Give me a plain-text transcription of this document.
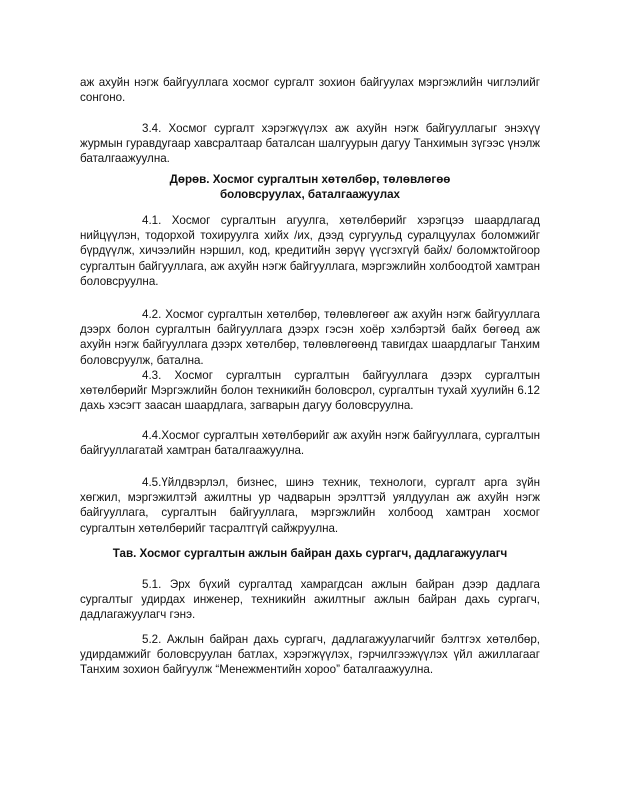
аж ахуйн нэгж байгууллага хосмог сургалт зохион байгуулах мэргэжлийн чиглэлийг сонгоно.

3.4. Хосмог сургалт хэрэгжүүлэх аж ахуйн нэгж байгууллагыг энэхүү журмын гуравдугаар хавсралтаар баталсан шалгуурын дагуу Танхимын зүгээс үнэлж баталгаажуулна.

Дөрөв. Хосмог сургалтын хөтөлбөр, төлөвлөгөө
боловсруулах, баталгаажуулах

4.1. Хосмог сургалтын агуулга, хөтөлбөрийг хэрэгцээ шаардлагад нийцүүлэн, тодорхой тохируулга хийх /их, дээд сургуульд суралцуулах боломжийг бүрдүүлж, хичээлийн нэршил, код, кредитийн зөрүү үүсгэхгүй байх/ боломжтойгоор сургалтын байгууллага, аж ахуйн нэгж байгууллага, мэргэжлийн холбоодтой хамтран боловсруулна.

4.2. Хосмог сургалтын хөтөлбөр, төлөвлөгөөг аж ахуйн нэгж байгууллага дээрх болон сургалтын байгууллага дээрх гэсэн хоёр хэлбэртэй байх бөгөөд аж ахуйн нэгж байгууллага дээрх хөтөлбөр, төлөвлөгөөнд тавигдах шаардлагыг Танхим боловсруулж, батална.

4.3. Хосмог сургалтын сургалтын байгууллага дээрх сургалтын хөтөлбөрийг Мэргэжлийн болон техникийн боловсрол, сургалтын тухай хуулийн 6.12 дахь хэсэгт заасан шаардлага, загварын дагуу боловсруулна.

4.4.Хосмог сургалтын хөтөлбөрийг аж ахуйн нэгж байгууллага, сургалтын байгууллагатай хамтран баталгаажуулна.

4.5.Үйлдвэрлэл, бизнес, шинэ техник, технологи, сургалт арга зүйн хөгжил, мэргэжилтэй ажилтны ур чадварын эрэлттэй уялдуулан аж ахуйн нэгж байгууллага, сургалтын байгууллага, мэргэжлийн холбоод хамтран хосмог сургалтын хөтөлбөрийг тасралтгүй сайжруулна.

Тав. Хосмог сургалтын ажлын байран дахь сургагч, дадлагажуулагч

5.1. Эрх бүхий сургалтад хамрагдсан ажлын байран дээр дадлага сургалтыг удирдах инженер, техникийн ажилтныг ажлын байран дахь сургагч, дадлагажуулагч гэнэ.

5.2. Ажлын байран дахь сургагч, дадлагажуулагчийг бэлтгэх хөтөлбөр, удирдамжийг боловсруулан батлах, хэрэгжүүлэх, гэрчилгээжүүлэх үйл ажиллагааг Танхим зохион байгуулж “Менежментийн хороо” баталгаажуулна.
